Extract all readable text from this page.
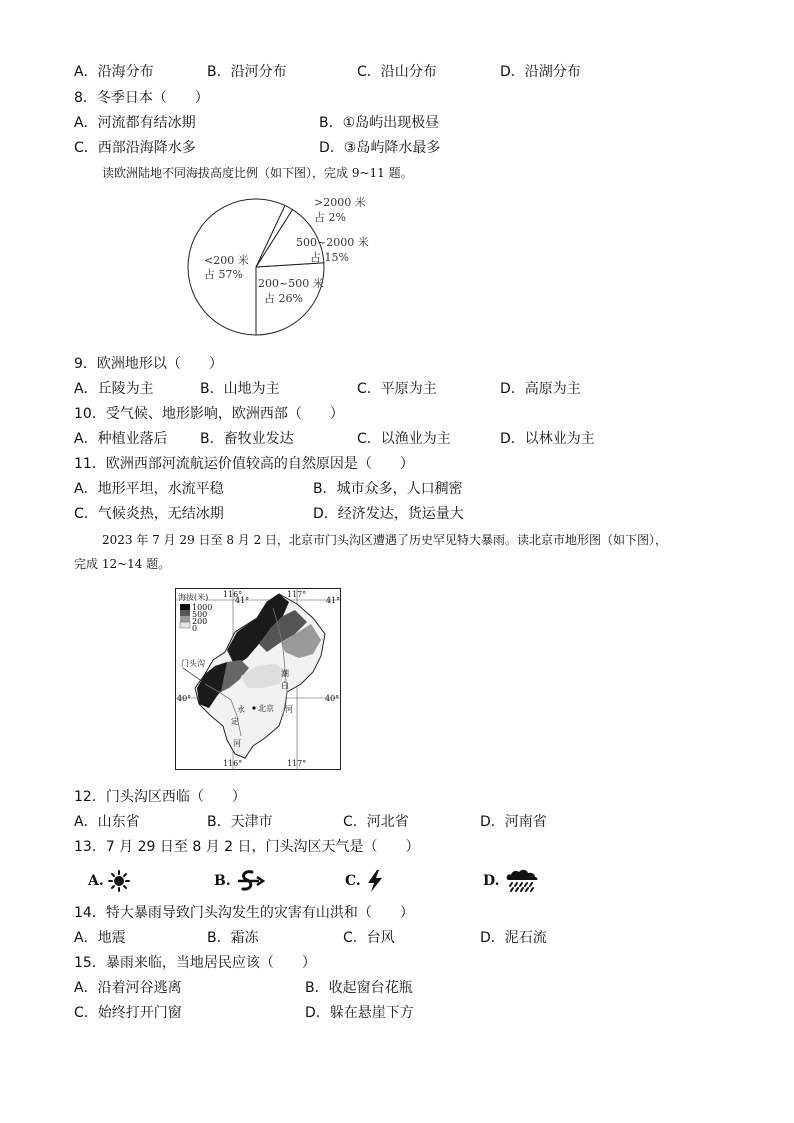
A．沿海分布	B．沿河分布	C．沿山分布	D．沿湖分布
8．冬季日本（　　）
A．河流都有结冰期	B．①岛屿出现极昼
C．西部沿海降水多	D．③岛屿降水最多
读欧洲陆地不同海拔高度比例（如下图），完成 9~11 题。
<200 米
占 57%
200~500 米
占 26%
500~2000 米
占 15%
>2000 米
占 2%
9．欧洲地形以（　　）
A．丘陵为主	B．山地为主	C．平原为主	D．高原为主
10．受气候、地形影响，欧洲西部（　　）
A．种植业落后 B．畜牧业发达	C．以渔业为主	D．以林业为主
11．欧洲西部河流航运价值较高的自然原因是（　　）
A．地形平坦，水流平稳	B．城市众多，人口稠密
C．气候炎热，无结冰期	D．经济发达，货运量大
2023 年 7 月 29 日至 8 月 2 日，北京市门头沟区遭遇了历史罕见特大暴雨。读北京市地形图（如下图），
完成 12~14 题。
海拔(米)
1000
500
200
0
116°
41°
117°
41°
40°	40°
116°	117°
门头沟
北京
潮
白
河
永
定
河
12．门头沟区西临（　　）
A．山东省	B．天津市	C．河北省	D．河南省
13．7 月 29 日至 8 月 2 日，门头沟区天气是（　　）
A.	B.	C.	D.
14．特大暴雨导致门头沟发生的灾害有山洪和（　　）
A．地震	B．霜冻	C．台风	D．泥石流
15．暴雨来临，当地居民应该（　　）
A．沿着河谷逃离	B．收起窗台花瓶
C．始终打开门窗	D．躲在悬崖下方
